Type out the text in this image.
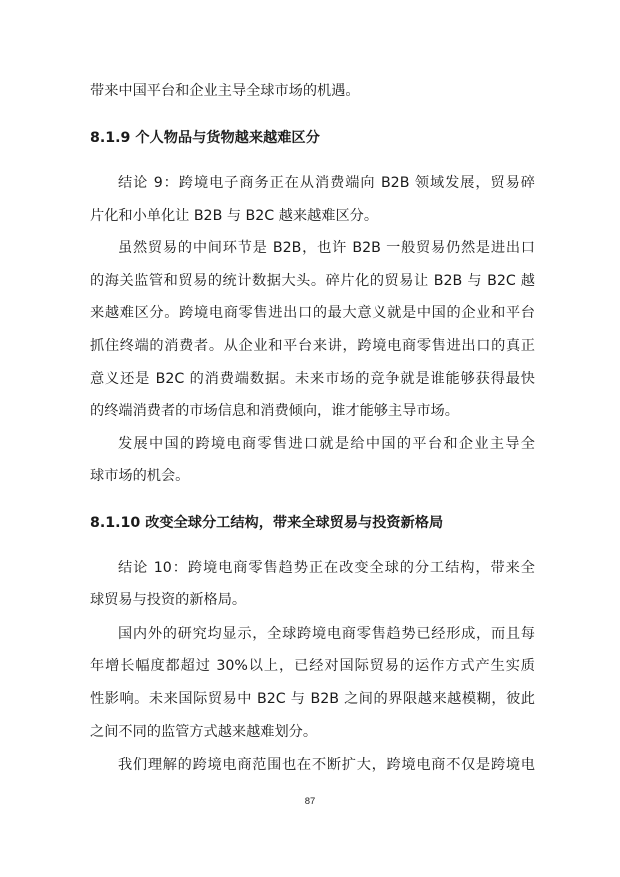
带来中国平台和企业主导全球市场的机遇。
8.1.9 个人物品与货物越来越难区分
结论 9：跨境电子商务正在从消费端向 B2B 领域发展，贸易碎
片化和小单化让 B2B 与 B2C 越来越难区分。
虽然贸易的中间环节是 B2B，也许 B2B 一般贸易仍然是进出口
的海关监管和贸易的统计数据大头。碎片化的贸易让 B2B 与 B2C 越
来越难区分。跨境电商零售进出口的最大意义就是中国的企业和平台
抓住终端的消费者。从企业和平台来讲，跨境电商零售进出口的真正
意义还是 B2C 的消费端数据。未来市场的竞争就是谁能够获得最快
的终端消费者的市场信息和消费倾向，谁才能够主导市场。
发展中国的跨境电商零售进口就是给中国的平台和企业主导全
球市场的机会。
8.1.10 改变全球分工结构，带来全球贸易与投资新格局
结论 10：跨境电商零售趋势正在改变全球的分工结构，带来全
球贸易与投资的新格局。
国内外的研究均显示，全球跨境电商零售趋势已经形成，而且每
年增长幅度都超过 30%以上，已经对国际贸易的运作方式产生实质
性影响。未来国际贸易中 B2C 与 B2B 之间的界限越来越模糊，彼此
之间不同的监管方式越来越难划分。
我们理解的跨境电商范围也在不断扩大，跨境电商不仅是跨境电
87
